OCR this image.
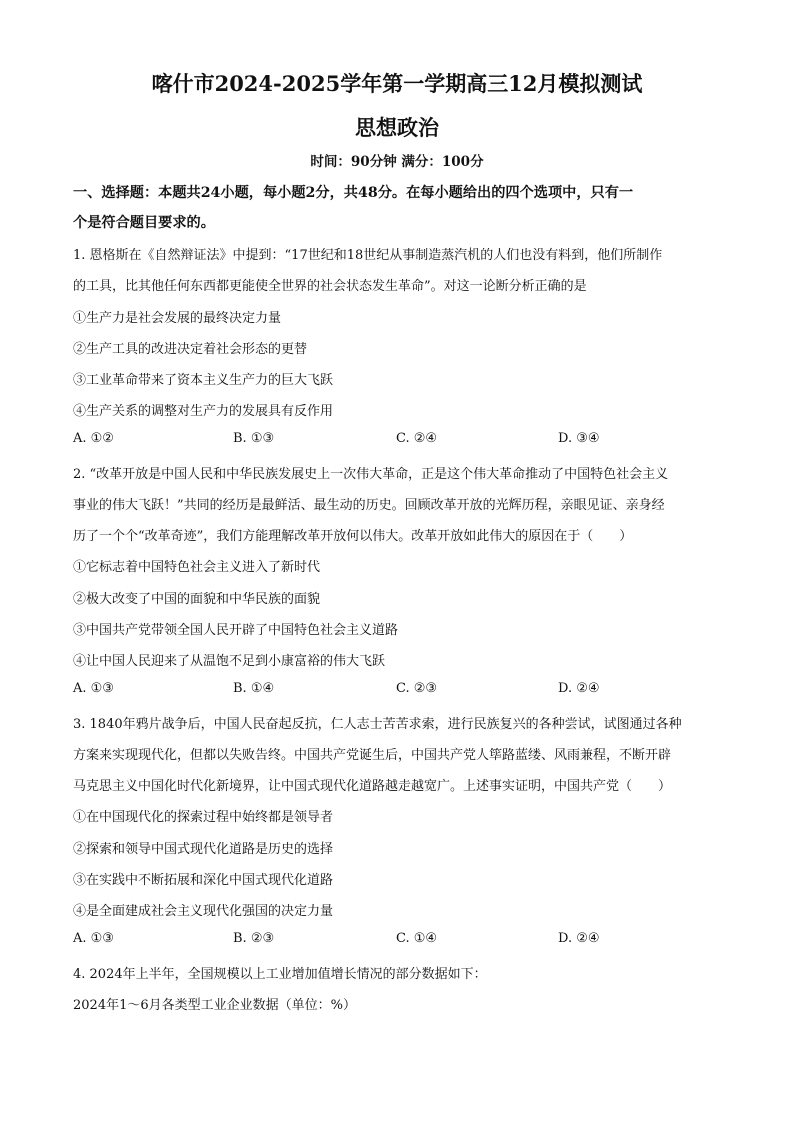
喀什市2024-2025学年第一学期高三12月模拟测试
思想政治
时间：90分钟 满分：100分
一、选择题：本题共24小题，每小题2分，共48分。在每小题给出的四个选项中，只有一
个是符合题目要求的。
1. 恩格斯在《自然辩证法》中提到：“17世纪和18世纪从事制造蒸汽机的人们也没有料到，他们所制作
的工具，比其他任何东西都更能使全世界的社会状态发生革命”。对这一论断分析正确的是
①生产力是社会发展的最终决定力量
②生产工具的改进决定着社会形态的更替
③工业革命带来了资本主义生产力的巨大飞跃
④生产关系的调整对生产力的发展具有反作用
A. ①②	B. ①③	C. ②④	D. ③④
2. “改革开放是中国人民和中华民族发展史上一次伟大革命，正是这个伟大革命推动了中国特色社会主义
事业的伟大飞跃！”共同的经历是最鲜活、最生动的历史。回顾改革开放的光辉历程，亲眼见证、亲身经
历了一个个“改革奇迹”，我们方能理解改革开放何以伟大。改革开放如此伟大的原因在于（　　）
①它标志着中国特色社会主义进入了新时代
②极大改变了中国的面貌和中华民族的面貌
③中国共产党带领全国人民开辟了中国特色社会主义道路
④让中国人民迎来了从温饱不足到小康富裕的伟大飞跃
A. ①③	B. ①④	C. ②③	D. ②④
3. 1840年鸦片战争后，中国人民奋起反抗，仁人志士苦苦求索，进行民族复兴的各种尝试，试图通过各种
方案来实现现代化，但都以失败告终。中国共产党诞生后，中国共产党人筚路蓝缕、风雨兼程，不断开辟
马克思主义中国化时代化新境界，让中国式现代化道路越走越宽广。上述事实证明，中国共产党（　　）
①在中国现代化的探索过程中始终都是领导者
②探索和领导中国式现代化道路是历史的选择
③在实践中不断拓展和深化中国式现代化道路
④是全面建成社会主义现代化强国的决定力量
A. ①③	B. ②③	C. ①④	D. ②④
4. 2024年上半年，全国规模以上工业增加值增长情况的部分数据如下：
2024年1～6月各类型工业企业数据（单位：%）
